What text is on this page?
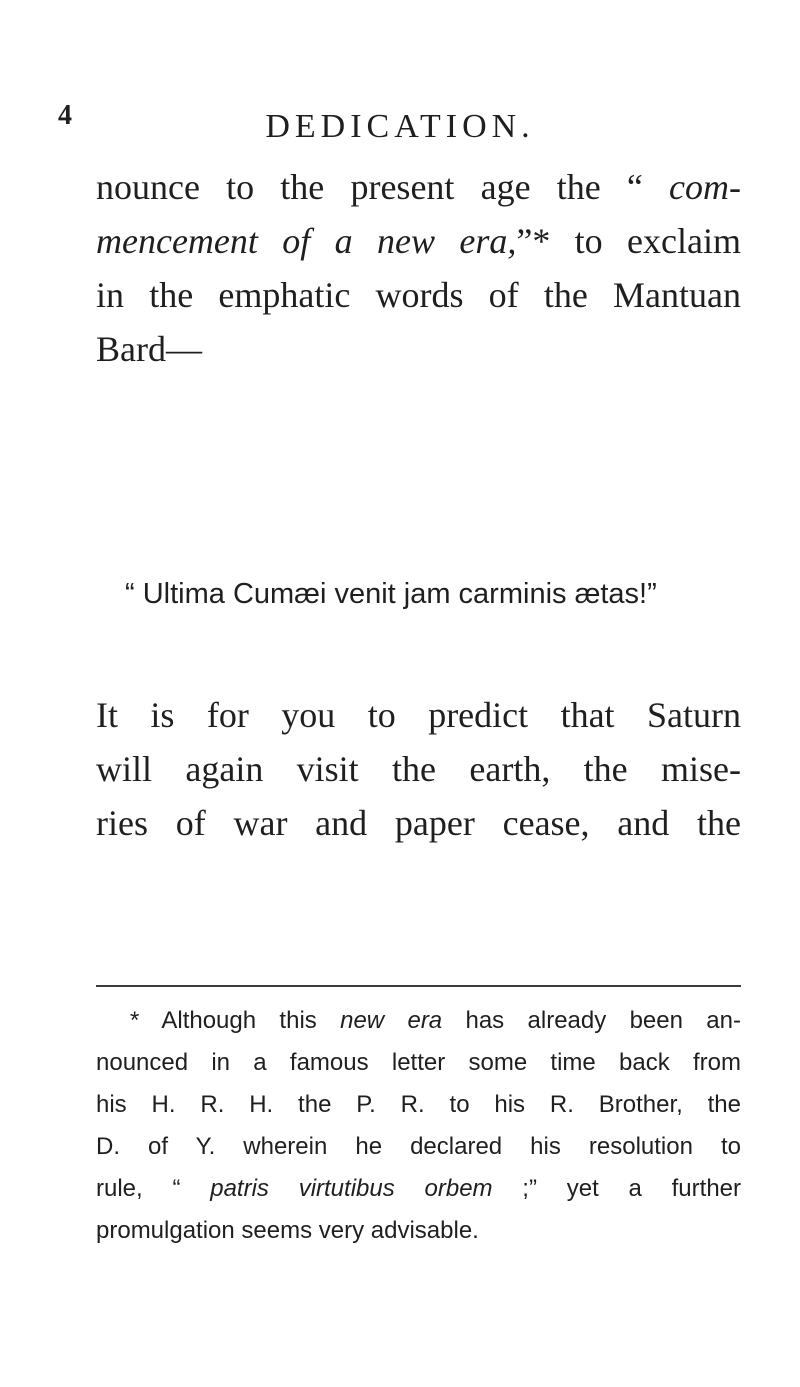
4	DEDICATION.
nounce to the present age the “ com-
mencement of a new era,”* to exclaim
in the emphatic words of the Mantuan
Bard—
“ Ultima Cumæi venit jam carminis ætas!”
It is for you to predict that Saturn
will again visit the earth, the mise-
ries of war and paper cease, and the
* Although this new era has already been an-
nounced in a famous letter some time back from
his H. R. H. the P. R. to his R. Brother, the
D. of Y. wherein he declared his resolution to
rule, “ patris virtutibus orbem ;” yet a further
promulgation seems very advisable.
